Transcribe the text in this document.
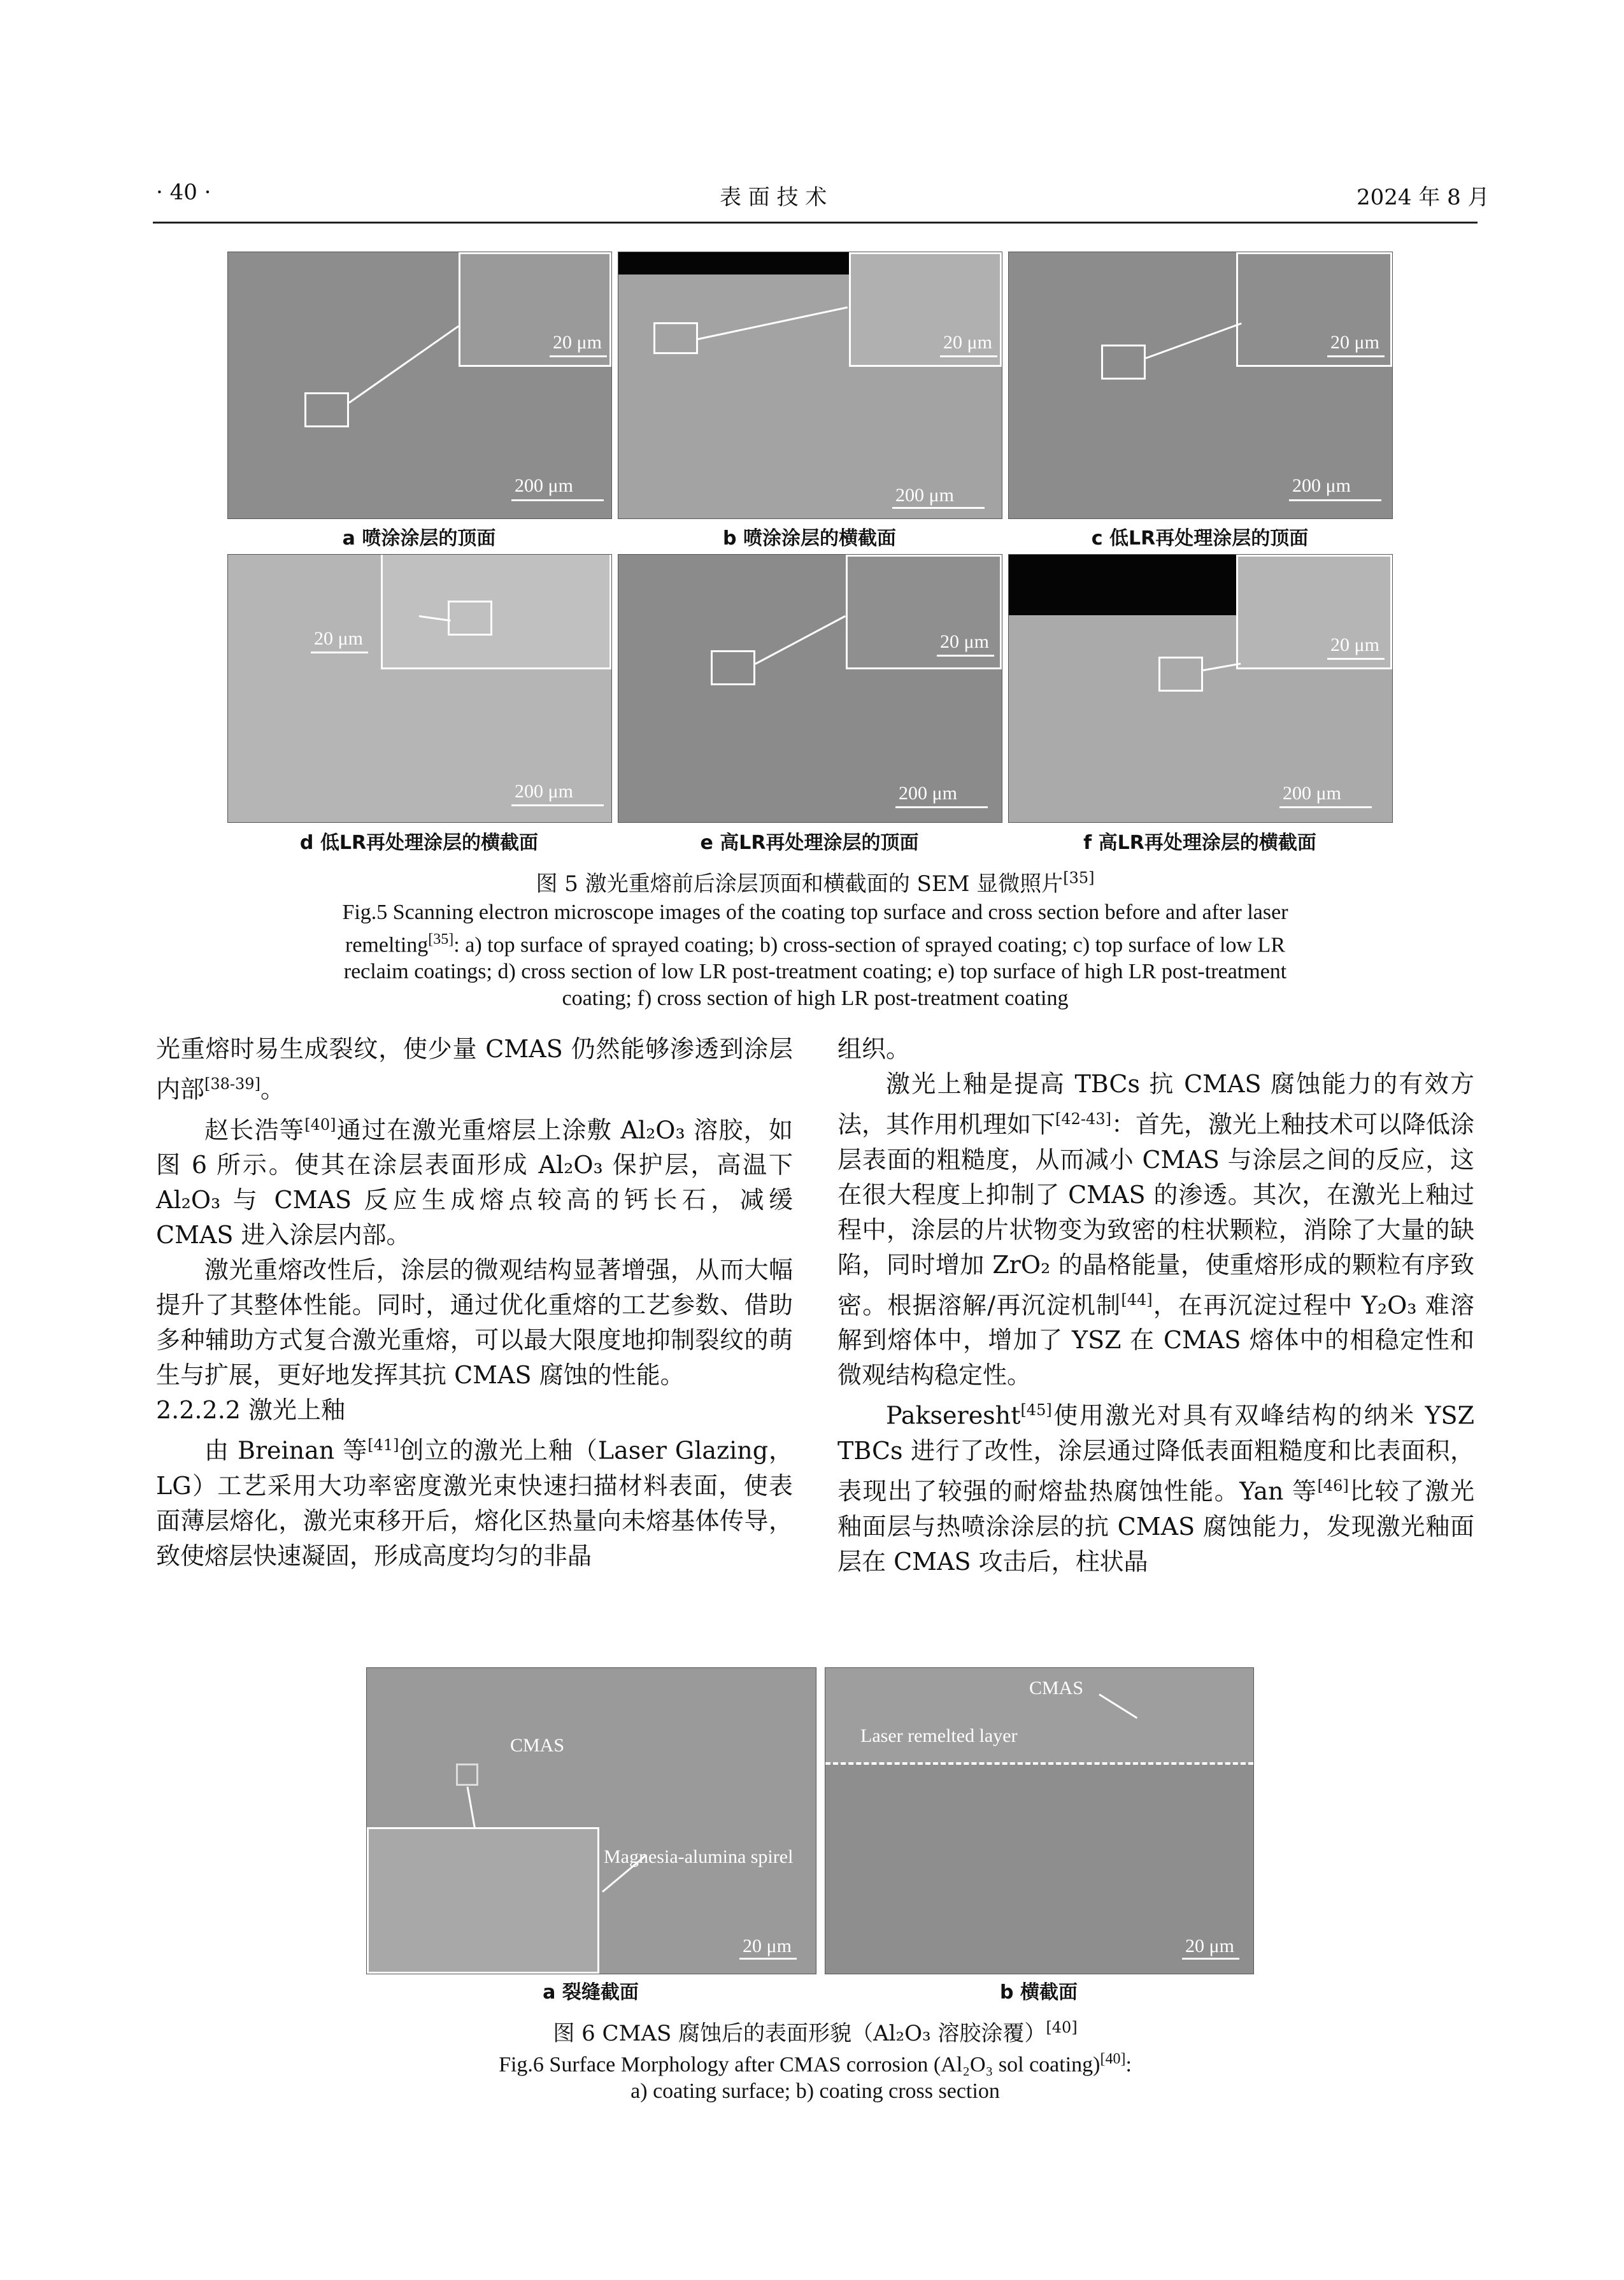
· 40 ·	表 面 技 术	2024 年 8 月
20 μm
200 μm
20 μm
200 μm
20 μm
200 μm
a 喷涂涂层的顶面	b 喷涂涂层的横截面	c 低LR再处理涂层的顶面
20 μm
200 μm
20 μm
200 μm
20 μm
200 μm
d 低LR再处理涂层的横截面	e 高LR再处理涂层的顶面	f 高LR再处理涂层的横截面
图 5 激光重熔前后涂层顶面和横截面的 SEM 显微照片[35]
Fig.5 Scanning electron microscope images of the coating top surface and cross section before and after laser
remelting[35]: a) top surface of sprayed coating; b) cross-section of sprayed coating; c) top surface of low LR
reclaim coatings; d) cross section of low LR post-treatment coating; e) top surface of high LR post-treatment
coating; f) cross section of high LR post-treatment coating

光重熔时易生成裂纹，使少量 CMAS 仍然能够渗透到涂层内部[38-39]。

赵长浩等[40]通过在激光重熔层上涂敷 Al₂O₃ 溶胶，如图 6 所示。使其在涂层表面形成 Al₂O₃ 保护层，高温下 Al₂O₃ 与 CMAS 反应生成熔点较高的钙长石，减缓 CMAS 进入涂层内部。

激光重熔改性后，涂层的微观结构显著增强，从而大幅提升了其整体性能。同时，通过优化重熔的工艺参数、借助多种辅助方式复合激光重熔，可以最大限度地抑制裂纹的萌生与扩展，更好地发挥其抗 CMAS 腐蚀的性能。

2.2.2.2 激光上釉

由 Breinan 等[41]创立的激光上釉（Laser Glazing，LG）工艺采用大功率密度激光束快速扫描材料表面，使表面薄层熔化，激光束移开后，熔化区热量向未熔基体传导，致使熔层快速凝固，形成高度均匀的非晶

组织。

激光上釉是提高 TBCs 抗 CMAS 腐蚀能力的有效方法，其作用机理如下[42-43]：首先，激光上釉技术可以降低涂层表面的粗糙度，从而减小 CMAS 与涂层之间的反应，这在很大程度上抑制了 CMAS 的渗透。其次，在激光上釉过程中，涂层的片状物变为致密的柱状颗粒，消除了大量的缺陷，同时增加 ZrO₂ 的晶格能量，使重熔形成的颗粒有序致密。根据溶解/再沉淀机制[44]，在再沉淀过程中 Y₂O₃ 难溶解到熔体中，增加了 YSZ 在 CMAS 熔体中的相稳定性和微观结构稳定性。

Pakseresht[45]使用激光对具有双峰结构的纳米 YSZ TBCs 进行了改性，涂层通过降低表面粗糙度和比表面积，表现出了较强的耐熔盐热腐蚀性能。Yan 等[46]比较了激光釉面层与热喷涂涂层的抗 CMAS 腐蚀能力，发现激光釉面层在 CMAS 攻击后，柱状晶

CMAS
Magnesia-alumina spirel
20 μm
CMAS
Laser remelted layer
20 μm
a 裂缝截面	b 横截面
图 6 CMAS 腐蚀后的表面形貌（Al₂O₃ 溶胶涂覆）[40]
Fig.6 Surface Morphology after CMAS corrosion (Al₂O₃ sol coating)[40]:
a) coating surface; b) coating cross section
